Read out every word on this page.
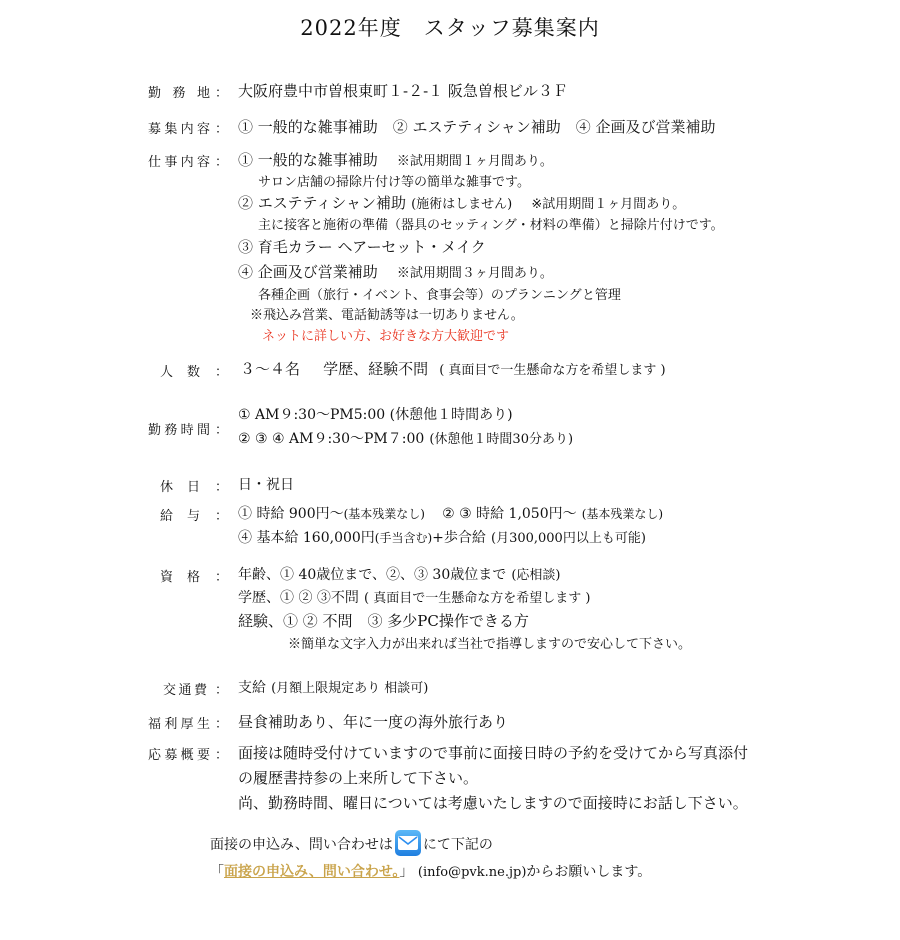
2022年度　スタッフ募集案内
勤務地 ： 大阪府豊中市曽根東町１-２-１ 阪急曽根ビル３Ｆ
募集内容 ： ① 一般的な雑事補助　② エステティシャン補助　④ 企画及び営業補助
仕事内容 ： ① 一般的な雑事補助 ※試用期間１ヶ月間あり。
サロン店舗の掃除片付け等の簡単な雑事です。
② エステティシャン補助 (施術はしません) ※試用期間１ヶ月間あり。
主に接客と施術の準備（器具のセッティング・材料の準備）と掃除片付けです。
③ 育毛カラー ヘアーセット・メイク
④ 企画及び営業補助 ※試用期間３ヶ月間あり。
各種企画（旅行・イベント、食事会等）のプランニングと管理
※飛込み営業、電話勧誘等は一切ありません。
ネットに詳しい方、お好きな方大歓迎です
人　数 ： ３〜４名 学歴、経験不問 ( 真面目で一生懸命な方を希望します )
勤務時間 ：
① AM９:30〜PM5:00 (休憩他１時間あり)
② ③ ④ AM９:30〜PM７:00 (休憩他１時間30分あり)
休　日 ： 日・祝日
給　与 ： ① 時給 900円〜(基本残業なし) ② ③ 時給 1,050円〜 (基本残業なし)
④ 基本給 160,000円(手当含む)+歩合給 (月300,000円以上も可能)
資　格 ： 年齢、① 40歳位まで、②、③ 30歳位まで (応相談)
学歴、① ② ③不問 ( 真面目で一生懸命な方を希望します )
経験、① ② 不問　③ 多少PC操作できる方
※簡単な文字入力が出来れば当社で指導しますので安心して下さい。
交通費 ： 支給 (月額上限規定あり 相談可)
福利厚生 ： 昼食補助あり、年に一度の海外旅行あり
応募概要 ： 面接は随時受付けていますので事前に面接日時の予約を受けてから写真添付
の履歴書持参の上来所して下さい。
尚、勤務時間、曜日については考慮いたしますので面接時にお話し下さい。
面接の申込み、問い合わせは にて下記の
「面接の申込み、問い合わせ。」 (info@pvk.ne.jp)からお願いします。
